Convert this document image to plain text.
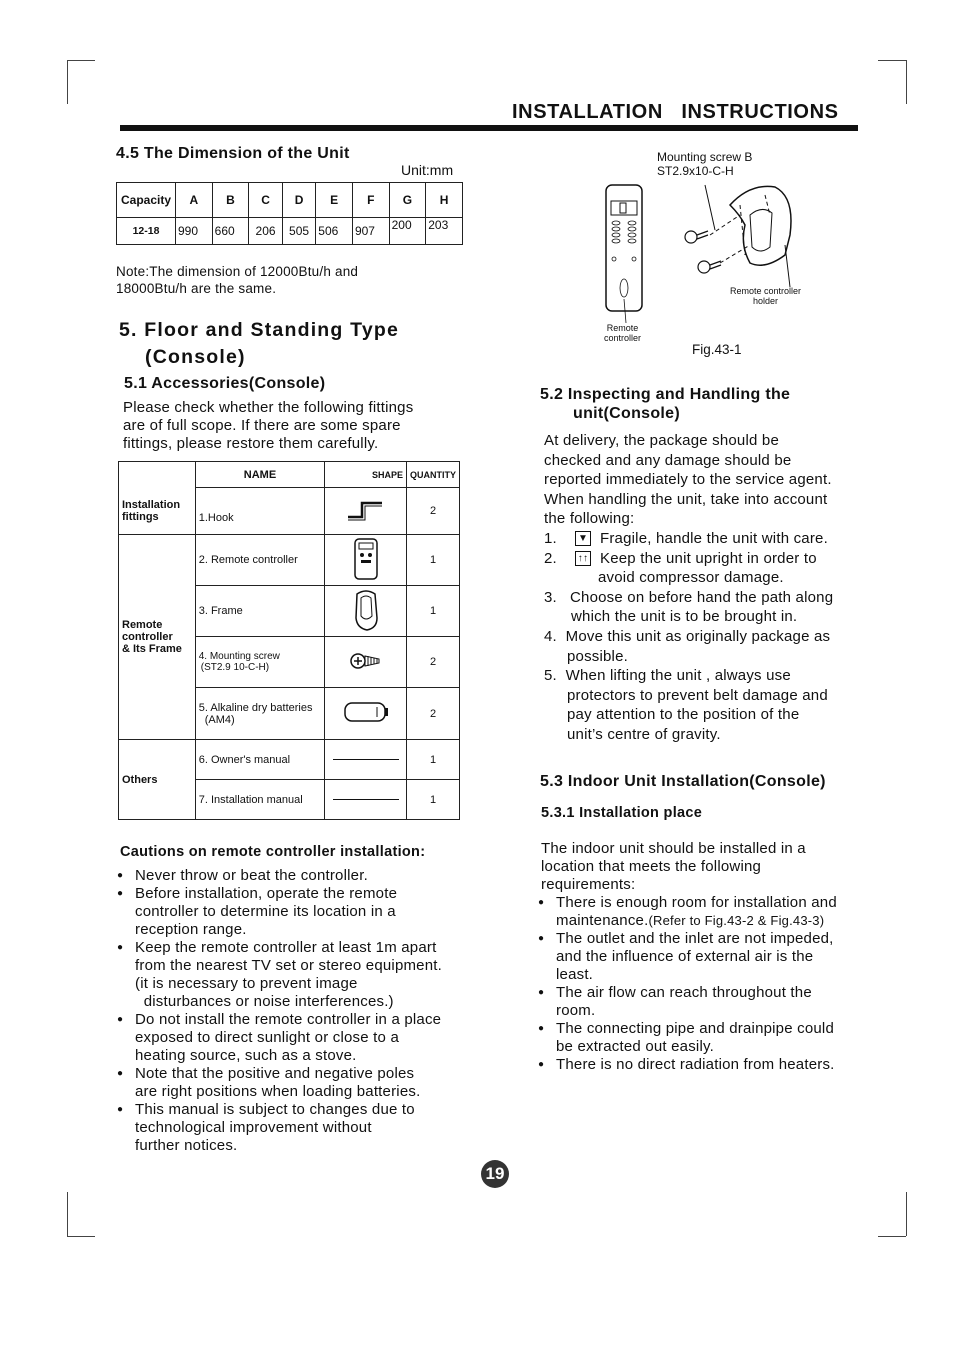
INSTALLATION   INSTRUCTIONS
4.5 The Dimension of the Unit
Unit:mm
Capacity	A	B	C	D	E	F	G	H
12-18	990	660	206	505	506	907	200	203
Note:The dimension of 12000Btu/h and
18000Btu/h are the same.
5. Floor and Standing Type
(Console)
5.1 Accessories(Console)
Please check whether the following fittings
are of full scope. If there are some spare
fittings, please restore them carefully.
	NAME	SHAPE	QUANTITY
Installation fittings	1.Hook		2

Remote
controller
& Its Frame	2. Remote controller		1
	3. Frame		1

	4. Mounting screw
(ST2.9 10-C-H)		2

	5. Alkaline dry batteries
(AM4)		2
Others	6. Owner's manual		1
	7. Installation manual		1
Cautions on remote controller installation:
● Never throw or beat the controller.
● Before installation, operate the remote
controller to determine its location in a
reception range.
● Keep the remote controller at least 1m apart
from the nearest TV set or stereo equipment.
(it is necessary to prevent image
disturbances or noise interferences.)
● Do not install the remote controller in a place
exposed to direct sunlight or close to a
heating source, such as a stove.
● Note that the positive and negative poles
are right positions when loading batteries.
● This manual is subject to changes due to
technological improvement without
further notices.
Mounting screw B
ST2.9x10-C-H
Remote controller
holder
Remote
controller
Fig.43-1
5.2 Inspecting and Handling the
unit(Console)
At delivery, the package should be
checked and any damage should be
reported immediately to the service agent.
When handling the unit, take into account
the following:
1. ▼ Fragile, handle the unit with care.
2. ↑↑ Keep the unit upright in order to
avoid compressor damage.
3.   Choose on before hand the path along
which the unit is to be brought in.
4.  Move this unit as originally package as
possible.
5.  When lifting the unit , always use
protectors to prevent belt damage and
pay attention to the position of the
unit’s centre of gravity.
5.3 Indoor Unit Installation(Console)
5.3.1 Installation place
The indoor unit should be installed in a
location that meets the following
requirements:
● There is enough room for installation and
maintenance.(Refer to Fig.43-2 & Fig.43-3)
● The outlet and the inlet are not impeded,
and the influence of external air is the
least.
● The air flow can reach throughout the
room.
● The connecting pipe and drainpipe could
be extracted out easily.
● There is no direct radiation from heaters.
19
